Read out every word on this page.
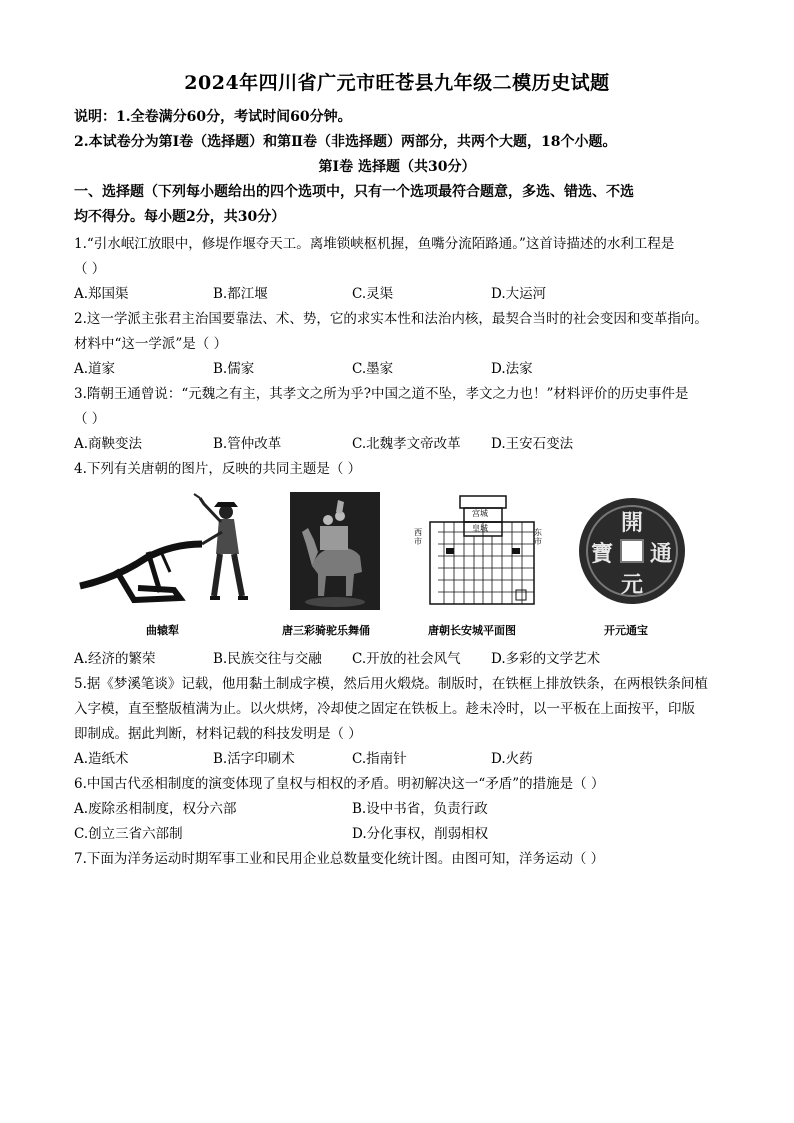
2024年四川省广元市旺苍县九年级二模历史试题
说明：1.全卷满分60分，考试时间60分钟。
2.本试卷分为第Ⅰ卷（选择题）和第Ⅱ卷（非选择题）两部分，共两个大题，18个小题。
第Ⅰ卷 选择题（共30分）
一、选择题（下列每小题给出的四个选项中，只有一个选项最符合题意，多选、错选、不选
均不得分。每小题2分，共30分）
1.“引水岷江放眼中，修堤作堰夺天工。离堆锁峡枢机握，鱼嘴分流陌路通。”这首诗描述的水利工程是
（ ）
A.郑国渠	B.都江堰	C.灵渠	D.大运河
2.这一学派主张君主治国要靠法、术、势，它的求实本性和法治内核，最契合当时的社会变因和变革指向。
材料中“这一学派”是（ ）
A.道家	B.儒家	C.墨家	D.法家
3.隋朝王通曾说：“元魏之有主，其孝文之所为乎?中国之道不坠，孝文之力也！”材料评价的历史事件是
（ ）
A.商鞅变法	B.管仲改革	C.北魏孝文帝改革 D.王安石变法
4.下列有关唐朝的图片，反映的共同主题是（ ）
曲辕犁	唐三彩骑驼乐舞俑
宫城
皇城
西市
东市
唐朝长安城平面图
開
元
通
寶
开元通宝
A.经济的繁荣	B.民族交往与交融 C.开放的社会风气 D.多彩的文学艺术
5.据《梦溪笔谈》记载，他用黏土制成字模，然后用火煅烧。制版时，在铁框上排放铁条，在两根铁条间植
入字模，直至整版植满为止。以火烘烤，冷却使之固定在铁板上。趁未冷时，以一平板在上面按平，印版
即制成。据此判断，材料记载的科技发明是（ ）
A.造纸术	B.活字印刷术	C.指南针	D.火药
6.中国古代丞相制度的演变体现了皇权与相权的矛盾。明初解决这一“矛盾”的措施是（ ）
A.废除丞相制度，权分六部	B.设中书省，负责行政
C.创立三省六部制	D.分化事权，削弱相权
7.下面为洋务运动时期军事工业和民用企业总数量变化统计图。由图可知，洋务运动（ ）
